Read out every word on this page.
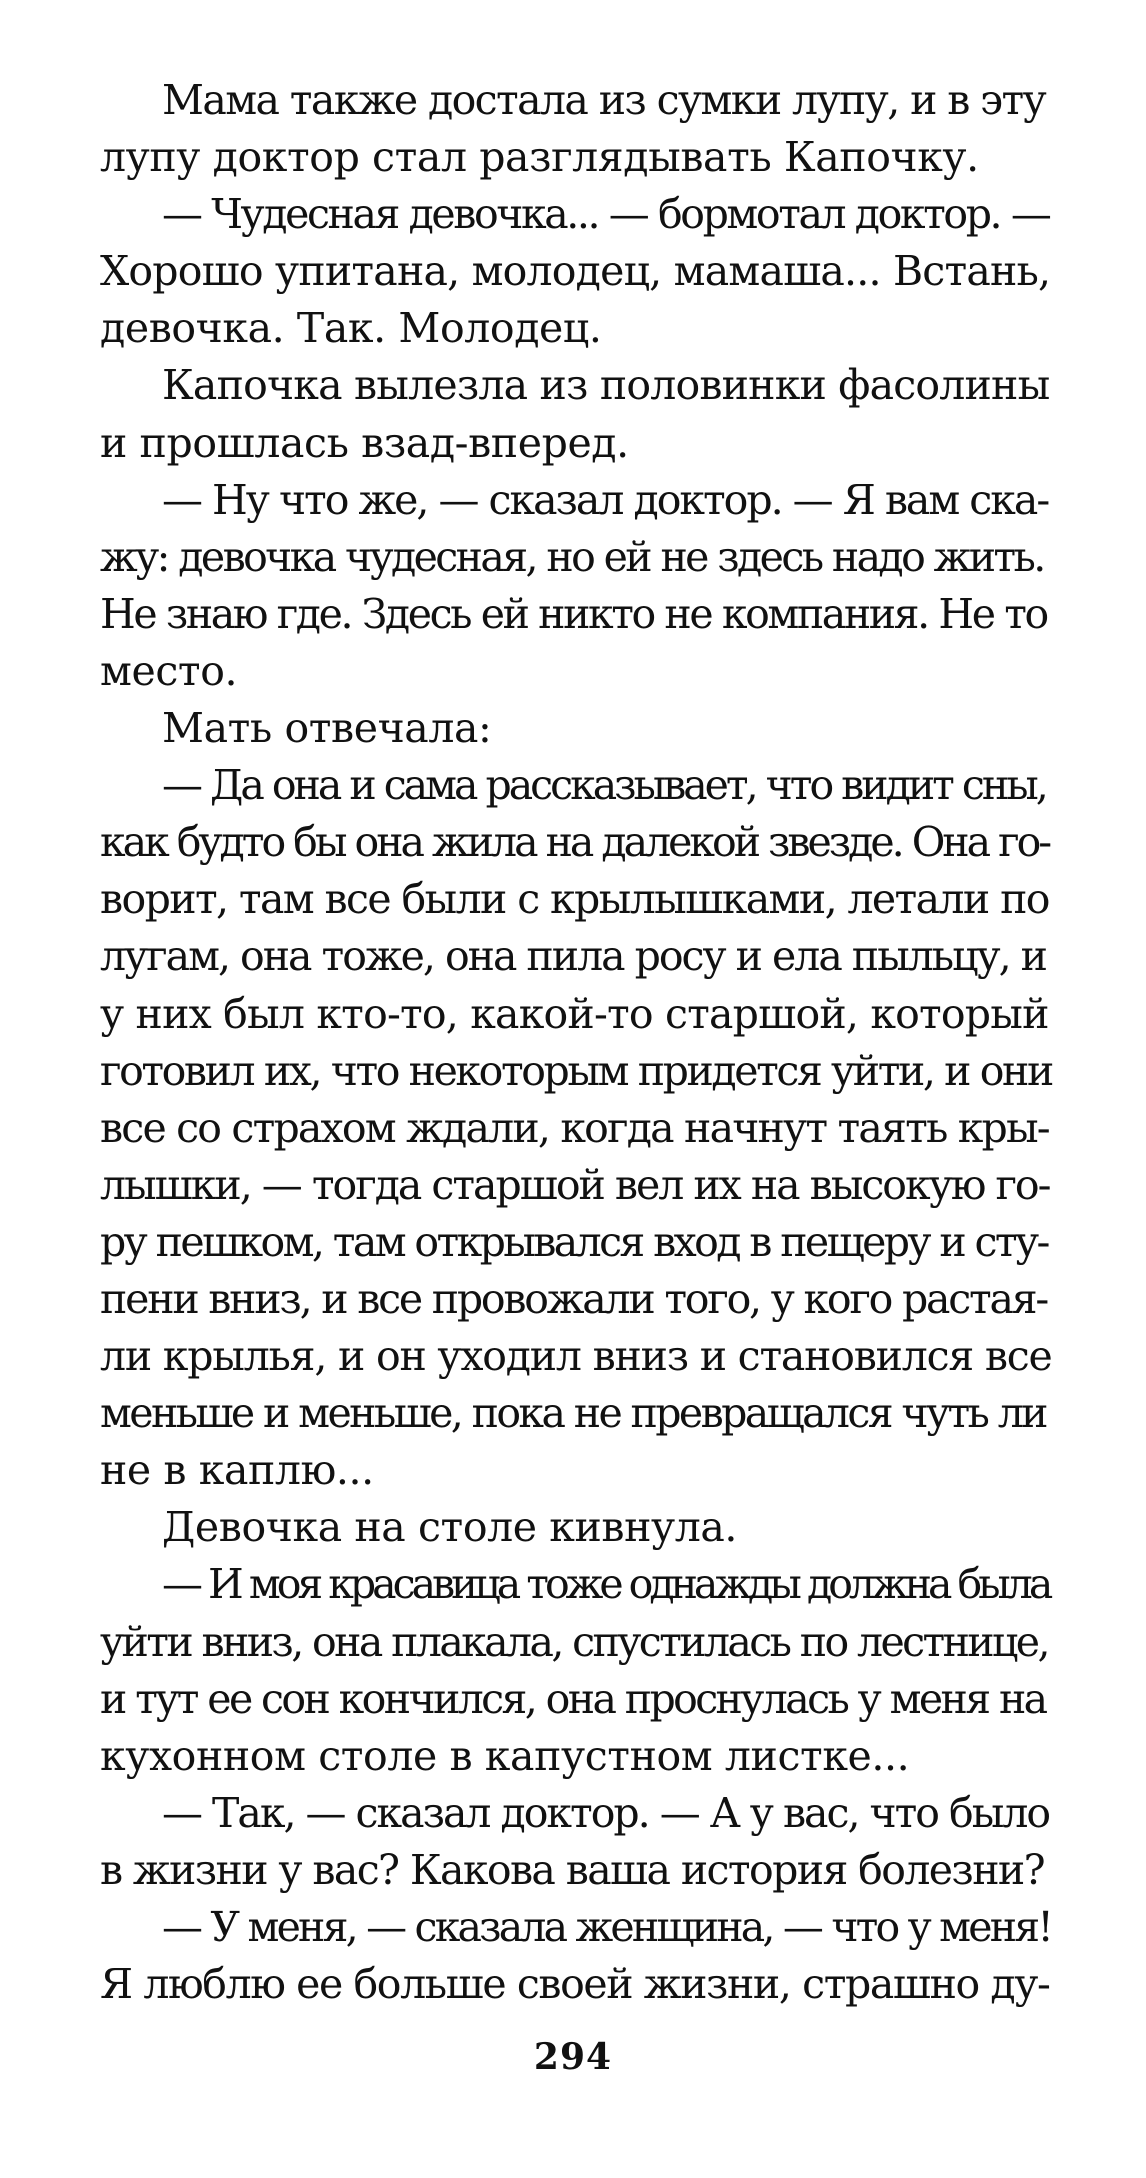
Мама также достала из сумки лупу, и в эту
лупу доктор стал разглядывать Капочку.
— Чудесная девочка... — бормотал доктор. —
Хорошо упитана, молодец, мамаша... Встань,
девочка. Так. Молодец.
Капочка вылезла из половинки фасолины
и прошлась взад-вперед.
— Ну что же, — сказал доктор. — Я вам ска-
жу: девочка чудесная, но ей не здесь надо жить.
Не знаю где. Здесь ей никто не компания. Не то
место.
Мать отвечала:
— Да она и сама рассказывает, что видит сны,
как будто бы она жила на далекой звезде. Она го-
ворит, там все были с крылышками, летали по
лугам, она тоже, она пила росу и ела пыльцу, и
у них был кто-то, какой-то старшой, который
готовил их, что некоторым придется уйти, и они
все со страхом ждали, когда начнут таять кры-
лышки, — тогда старшой вел их на высокую го-
ру пешком, там открывался вход в пещеру и сту-
пени вниз, и все провожали того, у кого растая-
ли крылья, и он уходил вниз и становился все
меньше и меньше, пока не превращался чуть ли
не в каплю...
Девочка на столе кивнула.
— И моя красавица тоже однажды должна была
уйти вниз, она плакала, спустилась по лестнице,
и тут ее сон кончился, она проснулась у меня на
кухонном столе в капустном листке...
— Так, — сказал доктор. — А у вас, что было
в жизни у вас? Какова ваша история болезни?
— У меня, — сказала женщина, — что у меня!
Я люблю ее больше своей жизни, страшно ду-
294
